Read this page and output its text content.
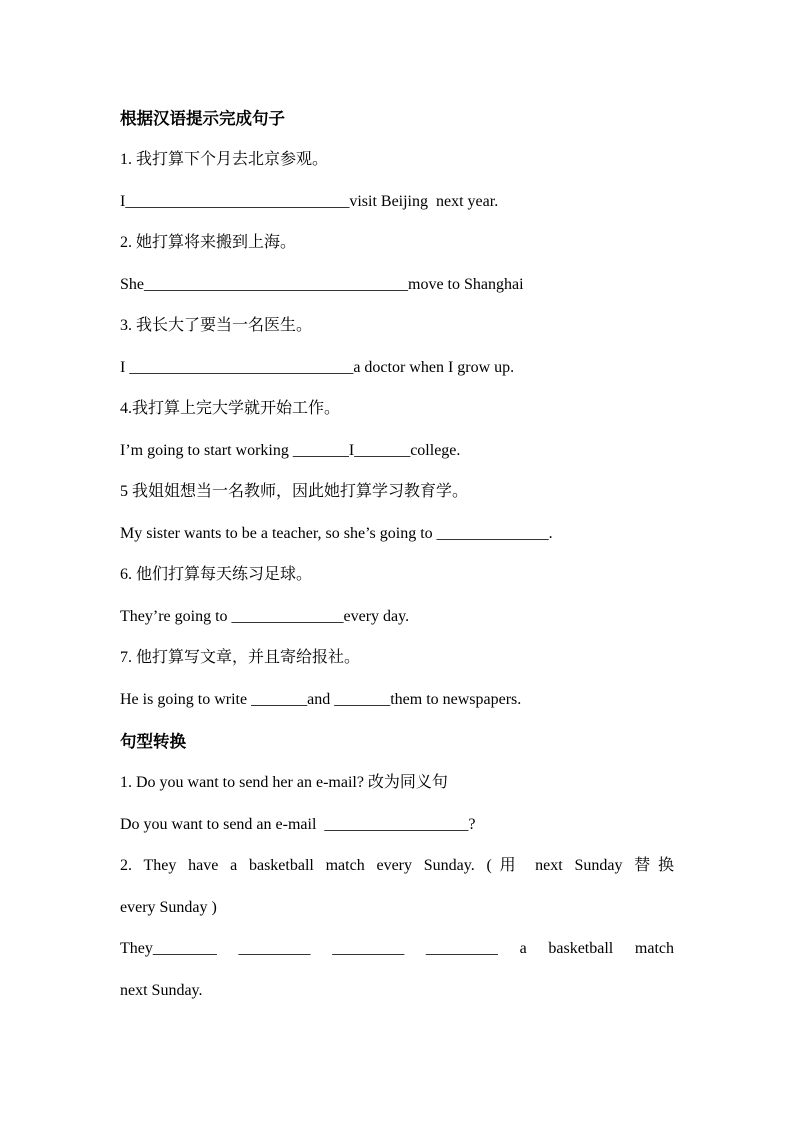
根据汉语提示完成句子
1. 我打算下个月去北京参观。
I____________________________visit Beijing  next year.
2. 她打算将来搬到上海。
She_________________________________move to Shanghai
3. 我长大了要当一名医生。
I ____________________________a doctor when I grow up.
4.我打算上完大学就开始工作。
I’m going to start working _______I_______college.
5 我姐姐想当一名教师，因此她打算学习教育学。
My sister wants to be a teacher, so she’s going to ______________.
6. 他们打算每天练习足球。
They’re going to ______________every day.
7. 他打算写文章，并且寄给报社。
He is going to write _______and _______them to newspapers.
句型转换
1. Do you want to send her an e-mail? 改为同义句
Do you want to send an e-mail  __________________?
2. They have a basketball match every Sunday. (用 next Sunday 替换
every Sunday )
They________ _________ _________ _________ a basketball match
next Sunday.
